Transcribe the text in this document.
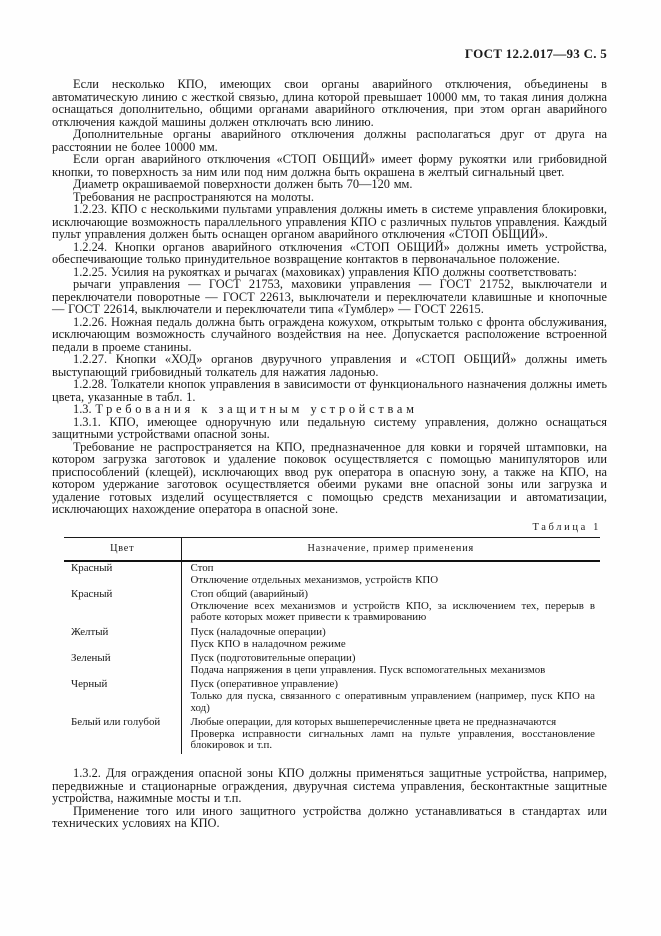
ГОСТ 12.2.017—93 С. 5

Если несколько КПО, имеющих свои органы аварийного отключения, объединены в автоматическую линию с жесткой связью, длина которой превышает 10000 мм, то такая линия должна оснащаться дополнительно, общими органами аварийного отключения, при этом орган аварийного отключения каждой машины должен отключать всю линию.

Дополнительные органы аварийного отключения должны располагаться друг от друга на расстоянии не более 10000 мм.

Если орган аварийного отключения «СТОП ОБЩИЙ» имеет форму рукоятки или грибовидной кнопки, то поверхность за ним или под ним должна быть окрашена в желтый сигнальный цвет.

Диаметр окрашиваемой поверхности должен быть 70—120 мм.

Требования не распространяются на молоты.

1.2.23. КПО с несколькими пультами управления должны иметь в системе управления блокировки, исключающие возможность параллельного управления КПО с различных пультов управления. Каждый пульт управления должен быть оснащен органом аварийного отключения «СТОП ОБЩИЙ».

1.2.24. Кнопки органов аварийного отключения «СТОП ОБЩИЙ» должны иметь устройства, обеспечивающие только принудительное возвращение контактов в первоначальное положение.

1.2.25. Усилия на рукоятках и рычагах (маховиках) управления КПО должны соответствовать:

рычаги управления — ГОСТ 21753, маховики управления — ГОСТ 21752, выключатели и переключатели поворотные — ГОСТ 22613, выключатели и переключатели клавишные и кнопочные — ГОСТ 22614, выключатели и переключатели типа «Тумблер» — ГОСТ 22615.

1.2.26. Ножная педаль должна быть ограждена кожухом, открытым только с фронта обслуживания, исключающим возможность случайного воздействия на нее. Допускается расположение встроенной педали в проеме станины.

1.2.27. Кнопки «ХОД» органов двуручного управления и «СТОП ОБЩИЙ» должны иметь выступающий грибовидный толкатель для нажатия ладонью.

1.2.28. Толкатели кнопок управления в зависимости от функционального назначения должны иметь цвета, указанные в табл. 1.

1.3. Требования к защитным устройствам

1.3.1. КПО, имеющее одноручную или педальную систему управления, должно оснащаться защитными устройствами опасной зоны.

Требование не распространяется на КПО, предназначенное для ковки и горячей штамповки, на котором загрузка заготовок и удаление поковок осуществляется с помощью манипуляторов или приспособлений (клещей), исключающих ввод рук оператора в опасную зону, а также на КПО, на котором удержание заготовок осуществляется обеими руками вне опасной зоны или загрузка и удаление готовых изделий осуществляется с помощью средств механизации и автоматизации, исключающих нахождение оператора в опасной зоне.

Таблица 1
Цвет	Назначение, пример применения
Красный	Стоп
Отключение отдельных механизмов, устройств КПО

Красный	Стоп общий (аварийный)
Отключение всех механизмов и устройств КПО, за исключением тех, перерыв в работе которых может привести к травмированию

Желтый	Пуск (наладочные операции)
Пуск КПО в наладочном режиме

Зеленый	Пуск (подготовительные операции)
Подача напряжения в цепи управления. Пуск вспомогательных механизмов

Черный	Пуск (оперативное управление)
Только для пуска, связанного с оперативным управлением (например, пуск КПО на ход)

Белый или голубой	Любые операции, для которых вышеперечисленные цвета не предназначаются
Проверка исправности сигнальных ламп на пульте управления, восстановление блокировок и т.п.

1.3.2. Для ограждения опасной зоны КПО должны применяться защитные устройства, например, передвижные и стационарные ограждения, двуручная система управления, бесконтактные защитные устройства, нажимные мосты и т.п.

Применение того или иного защитного устройства должно устанавливаться в стандартах или технических условиях на КПО.
